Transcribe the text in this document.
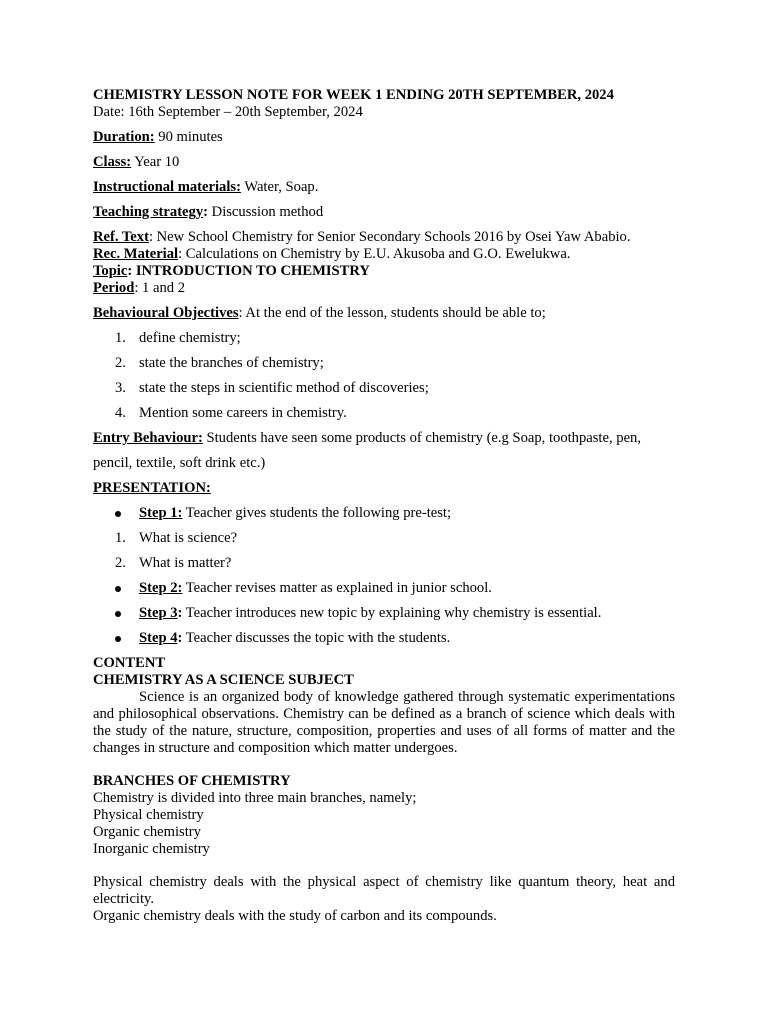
CHEMISTRY LESSON NOTE FOR WEEK 1 ENDING 20TH SEPTEMBER, 2024

Date: 16th September – 20th September, 2024

Duration: 90 minutes

Class: Year 10

Instructional materials: Water, Soap.

Teaching strategy: Discussion method

Ref. Text: New School Chemistry for Senior Secondary Schools 2016 by Osei Yaw Ababio.

Rec. Material: Calculations on Chemistry by E.U. Akusoba and G.O. Ewelukwa.

Topic: INTRODUCTION TO CHEMISTRY

Period: 1 and 2

Behavioural Objectives: At the end of the lesson, students should be able to;

1. define chemistry;
2. state the branches of chemistry;
3. state the steps in scientific method of discoveries;
4. Mention some careers in chemistry.

Entry Behaviour: Students have seen some products of chemistry (e.g Soap, toothpaste, pen, pencil, textile, soft drink etc.)

PRESENTATION:

Step 1: Teacher gives students the following pre-test;
1. What is science?
2. What is matter?
Step 2: Teacher revises matter as explained in junior school.
Step 3: Teacher introduces new topic by explaining why chemistry is essential.
Step 4: Teacher discusses the topic with the students.

CONTENT

CHEMISTRY AS A SCIENCE SUBJECT

Science is an organized body of knowledge gathered through systematic experimentations and philosophical observations. Chemistry can be defined as a branch of science which deals with the study of the nature, structure, composition, properties and uses of all forms of matter and the changes in structure and composition which matter undergoes.

BRANCHES OF CHEMISTRY

Chemistry is divided into three main branches, namely;

Physical chemistry

Organic chemistry

Inorganic chemistry

Physical chemistry deals with the physical aspect of chemistry like quantum theory, heat and electricity.

Organic chemistry deals with the study of carbon and its compounds.
